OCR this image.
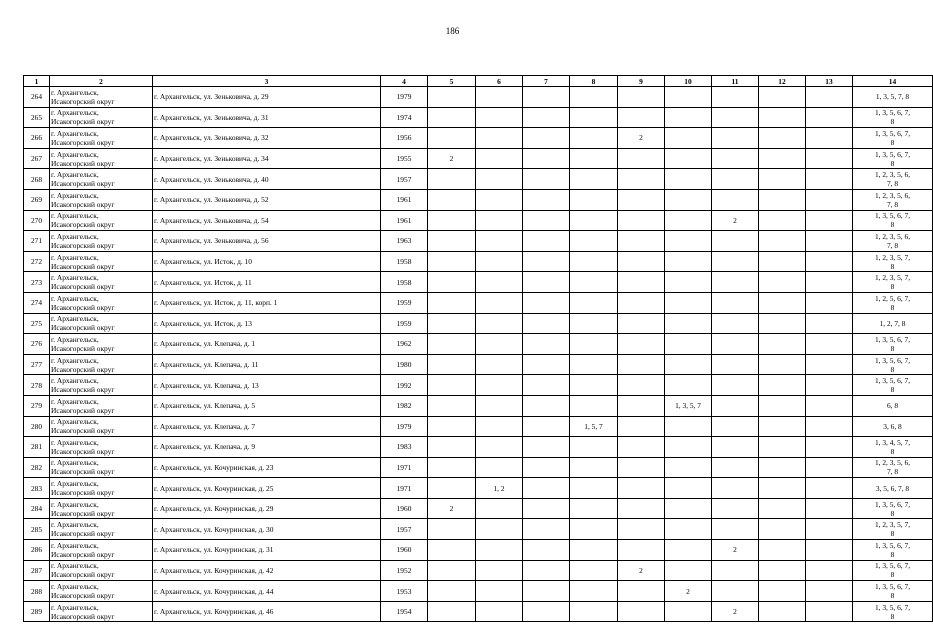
186
1	2	3	4	5	6	7	8	9	10	11	12	13	14
264	г. Архангельск,
Исакогорский округ	г. Архангельск, ул. Зеньковича, д. 29	1979										1, 3, 5, 7, 8
265	г. Архангельск,
Исакогорский округ	г. Архангельск, ул. Зеньковича, д. 31	1974										1, 3, 5, 6, 7,
8
266	г. Архангельск,
Исакогорский округ	г. Архангельск, ул. Зеньковича, д. 32	1956					2					1, 3, 5, 6, 7,
8
267	г. Архангельск,
Исакогорский округ	г. Архангельск, ул. Зеньковича, д. 34	1955	2									1, 3, 5, 6, 7,
8
268	г. Архангельск,
Исакогорский округ	г. Архангельск, ул. Зеньковича, д. 40	1957										1, 2, 3, 5, 6,
7, 8
269	г. Архангельск,
Исакогорский округ	г. Архангельск, ул. Зеньковича, д. 52	1961										1, 2, 3, 5, 6,
7, 8
270	г. Архангельск,
Исакогорский округ	г. Архангельск, ул. Зеньковича, д. 54	1961							2			1, 3, 5, 6, 7,
8
271	г. Архангельск,
Исакогорский округ	г. Архангельск, ул. Зеньковича, д. 56	1963										1, 2, 3, 5, 6,
7, 8
272	г. Архангельск,
Исакогорский округ	г. Архангельск, ул. Исток, д. 10	1958										1, 2, 3, 5, 7,
8
273	г. Архангельск,
Исакогорский округ	г. Архангельск, ул. Исток, д. 11	1958										1, 2, 3, 5, 7,
8
274	г. Архангельск,
Исакогорский округ	г. Архангельск, ул. Исток, д. 11, корп. 1	1959										1, 2, 5, 6, 7,
8
275	г. Архангельск,
Исакогорский округ	г. Архангельск, ул. Исток, д. 13	1959										1, 2, 7, 8
276	г. Архангельск,
Исакогорский округ	г. Архангельск, ул. Клепача, д. 1	1962										1, 3, 5, 6, 7,
8
277	г. Архангельск,
Исакогорский округ	г. Архангельск, ул. Клепача, д. 11	1980										1, 3, 5, 6, 7,
8
278	г. Архангельск,
Исакогорский округ	г. Архангельск, ул. Клепача, д. 13	1992										1, 3, 5, 6, 7,
8
279	г. Архангельск,
Исакогорский округ	г. Архангельск, ул. Клепача, д. 5	1982						1, 3, 5, 7				6, 8
280	г. Архангельск,
Исакогорский округ	г. Архангельск, ул. Клепача, д. 7	1979				1, 5, 7						3, 6, 8
281	г. Архангельск,
Исакогорский округ	г. Архангельск, ул. Клепача, д. 9	1983										1, 3, 4, 5, 7,
8
282	г. Архангельск,
Исакогорский округ	г. Архангельск, ул. Кочуринская, д. 23	1971										1, 2, 3, 5, 6,
7, 8
283	г. Архангельск,
Исакогорский округ	г. Архангельск, ул. Кочуринская, д. 25	1971		1, 2								3, 5, 6, 7, 8
284	г. Архангельск,
Исакогорский округ	г. Архангельск, ул. Кочуринская, д. 29	1960	2									1, 3, 5, 6, 7,
8
285	г. Архангельск,
Исакогорский округ	г. Архангельск, ул. Кочуринская, д. 30	1957										1, 2, 3, 5, 7,
8
286	г. Архангельск,
Исакогорский округ	г. Архангельск, ул. Кочуринская, д. 31	1960							2			1, 3, 5, 6, 7,
8
287	г. Архангельск,
Исакогорский округ	г. Архангельск, ул. Кочуринская, д. 42	1952					2					1, 3, 5, 6, 7,
8
288	г. Архангельск,
Исакогорский округ	г. Архангельск, ул. Кочуринская, д. 44	1953						2				1, 3, 5, 6, 7,
8
289	г. Архангельск,
Исакогорский округ	г. Архангельск, ул. Кочуринская, д. 46	1954							2			1, 3, 5, 6, 7,
8
